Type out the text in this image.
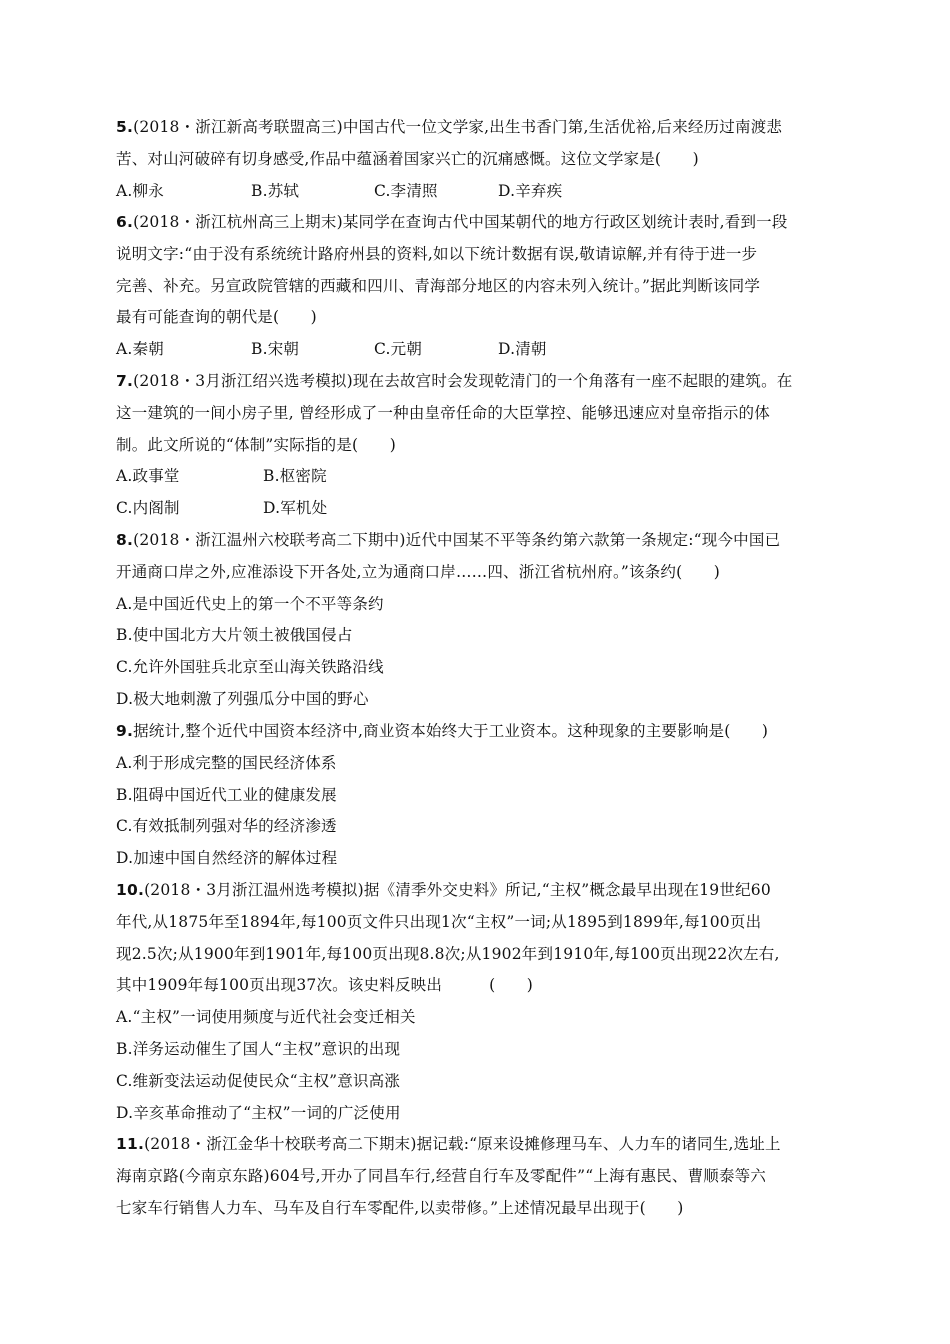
5.(2018・浙江新高考联盟高三)中国古代一位文学家,出生书香门第,生活优裕,后来经历过南渡悲
苦、对山河破碎有切身感受,作品中蕴涵着国家兴亡的沉痛感慨。这位文学家是(　　)
A.柳永	B.苏轼	C.李清照	D.辛弃疾
6.(2018・浙江杭州高三上期末)某同学在查询古代中国某朝代的地方行政区划统计表时,看到一段
说明文字:“由于没有系统统计路府州县的资料,如以下统计数据有误,敬请谅解,并有待于进一步
完善、补充。另宣政院管辖的西藏和四川、青海部分地区的内容未列入统计。”据此判断该同学
最有可能查询的朝代是(　　)
A.秦朝	B.宋朝	C.元朝	D.清朝
7.(2018・3月浙江绍兴选考模拟)现在去故宫时会发现乾清门的一个角落有一座不起眼的建筑。在
这一建筑的一间小房子里, 曾经形成了一种由皇帝任命的大臣掌控、能够迅速应对皇帝指示的体
制。此文所说的“体制”实际指的是(　　)
A.政事堂	B.枢密院
C.内阁制	D.军机处
8.(2018・浙江温州六校联考高二下期中)近代中国某不平等条约第六款第一条规定:“现今中国已
开通商口岸之外,应准添设下开各处,立为通商口岸……四、浙江省杭州府。”该条约(　　)
A.是中国近代史上的第一个不平等条约
B.使中国北方大片领土被俄国侵占
C.允许外国驻兵北京至山海关铁路沿线
D.极大地刺激了列强瓜分中国的野心
9.据统计,整个近代中国资本经济中,商业资本始终大于工业资本。这种现象的主要影响是(　　)
A.利于形成完整的国民经济体系
B.阻碍中国近代工业的健康发展
C.有效抵制列强对华的经济渗透
D.加速中国自然经济的解体过程
10.(2018・3月浙江温州选考模拟)据《清季外交史料》所记,“主权”概念最早出现在19世纪60
年代,从1875年至1894年,每100页文件只出现1次“主权”一词;从1895到1899年,每100页出
现2.5次;从1900年到1901年,每100页出现8.8次;从1902年到1910年,每100页出现22次左右,
其中1909年每100页出现37次。该史料反映出　　　(　　)
A.“主权”一词使用频度与近代社会变迁相关
B.洋务运动催生了国人“主权”意识的出现
C.维新变法运动促使民众“主权”意识高涨
D.辛亥革命推动了“主权”一词的广泛使用
11.(2018・浙江金华十校联考高二下期末)据记载:“原来设摊修理马车、人力车的诸同生,选址上
海南京路(今南京东路)604号,开办了同昌车行,经营自行车及零配件”“上海有惠民、曹顺泰等六
七家车行销售人力车、马车及自行车零配件,以卖带修。”上述情况最早出现于(　　)
